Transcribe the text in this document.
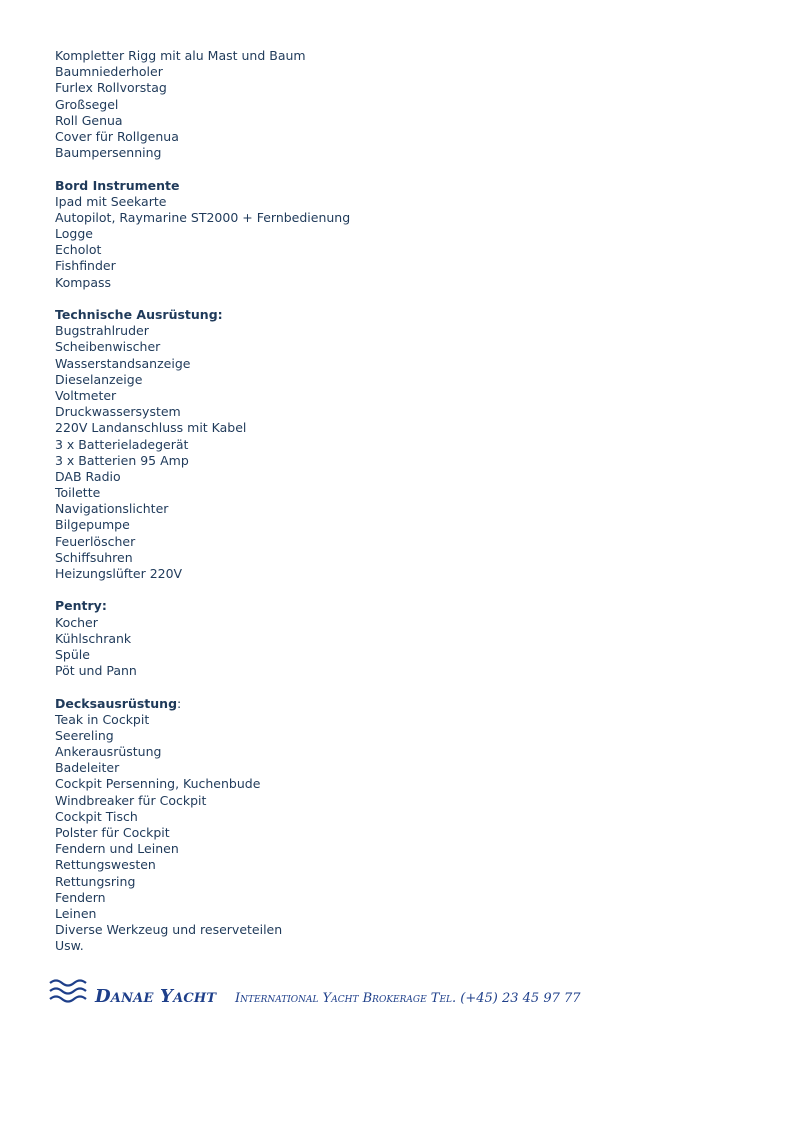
Kompletter Rigg mit alu Mast und Baum
Baumniederholer
Furlex Rollvorstag
Großsegel
Roll Genua
Cover für Rollgenua
Baumpersenning
Bord Instrumente
Ipad mit Seekarte
Autopilot, Raymarine ST2000 + Fernbedienung
Logge
Echolot
Fishfinder
Kompass
Technische Ausrüstung:
Bugstrahlruder
Scheibenwischer
Wasserstandsanzeige
Dieselanzeige
Voltmeter
Druckwassersystem
220V Landanschluss mit Kabel
3 x Batterieladegerät
3 x Batterien 95 Amp
DAB Radio
Toilette
Navigationslichter
Bilgepumpe
Feuerlöscher
Schiffsuhren
Heizungslüfter 220V
Pentry:
Kocher
Kühlschrank
Spüle
Pöt und Pann
Decksausrüstung:
Teak in Cockpit
Seereling
Ankerausrüstung
Badeleiter
Cockpit Persenning, Kuchenbude
Windbreaker für Cockpit
Cockpit Tisch
Polster für Cockpit
Fendern und Leinen
Rettungswesten
Rettungsring
Fendern
Leinen
Diverse Werkzeug und reserveteilen
Usw.
Danae Yacht International Yacht Brokerage Tel. (+45) 23 45 97 77
